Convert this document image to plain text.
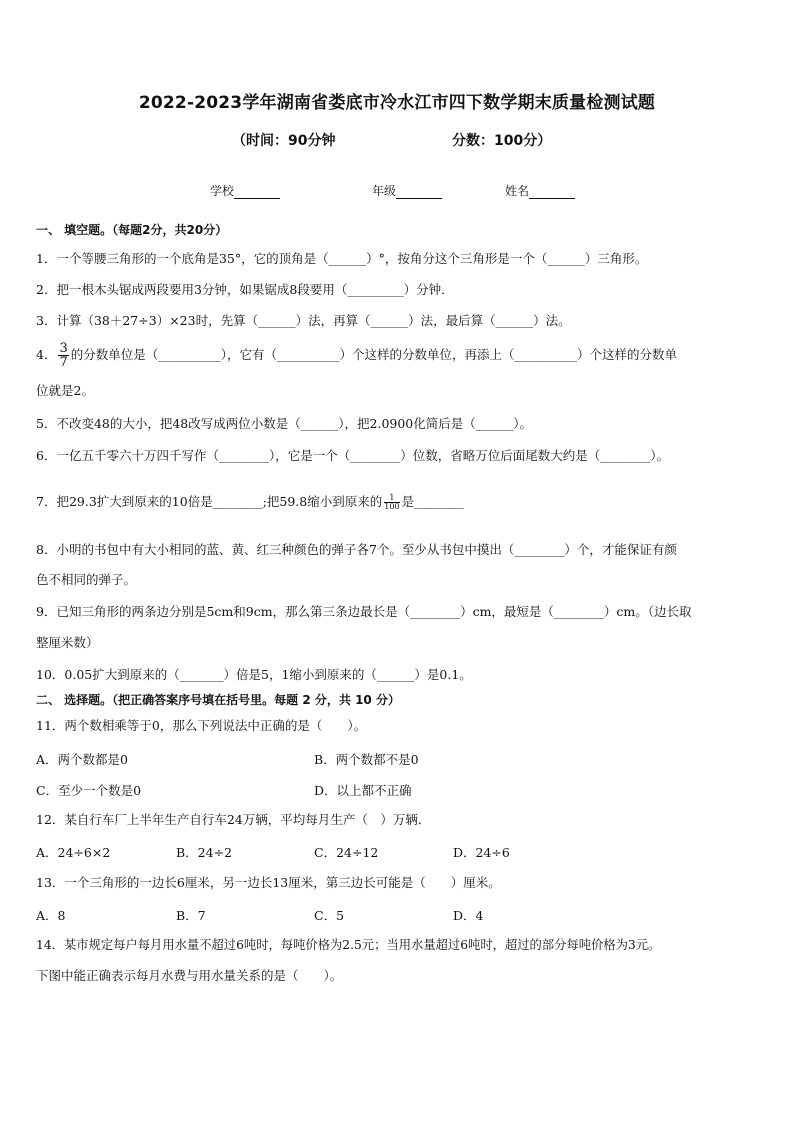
2022-2023学年湖南省娄底市冷水江市四下数学期末质量检测试题
（时间：90分钟	分数：100分）
学校	年级	姓名
一、 填空题。（每题2分，共20分）
1．一个等腰三角形的一个底角是35°，它的顶角是（______）°，按角分这个三角形是一个（______）三角形。
2．把一根木头锯成两段要用3分钟，如果锯成8段要用（_________）分钟．
3．计算（38＋27÷3）×23时，先算（______）法，再算（______）法，最后算（______）法。
4． $\frac{3}{7}$ 的分数单位是（__________），它有（__________）个这样的分数单位，再添上（__________）个这样的分数单
位就是2。
5．不改变48的大小，把48改写成两位小数是（______），把2.0900化简后是（______）。
6．一亿五千零六十万四千写作（________），它是一个（________）位数，省略万位后面尾数大约是（________）。
7．把29.3扩大到原来的10倍是________;把59.8缩小到原来的 $\frac{1}{100}$ 是________
8．小明的书包中有大小相同的蓝、黄、红三种颜色的弹子各7个。至少从书包中摸出（________）个，才能保证有颜
色不相同的弹子。
9．已知三角形的两条边分别是5cm和9cm，那么第三条边最长是（________）cm，最短是（________）cm。（边长取
整厘米数）
10．0.05扩大到原来的（_______）倍是5，1缩小到原来的（______）是0.1。
二、 选择题。（把正确答案序号填在括号里。每题 2 分，共 10 分）
11．两个数相乘等于0，那么下列说法中正确的是（　　）。
A．两个数都是0	B．两个数都不是0
C．至少一个数是0	D．以上都不正确
12．某自行车厂上半年生产自行车24万辆，平均每月生产（　）万辆．
A．24÷6×2	B．24÷2	C．24÷12	D．24÷6
13．一个三角形的一边长6厘米，另一边长13厘米，第三边长可能是（　　）厘米。
A．8	B．7	C．5	D．4
14．某市规定每户每月用水量不超过6吨时，每吨价格为2.5元；当用水量超过6吨时，超过的部分每吨价格为3元。
下图中能正确表示每月水费与用水量关系的是（　　）。
